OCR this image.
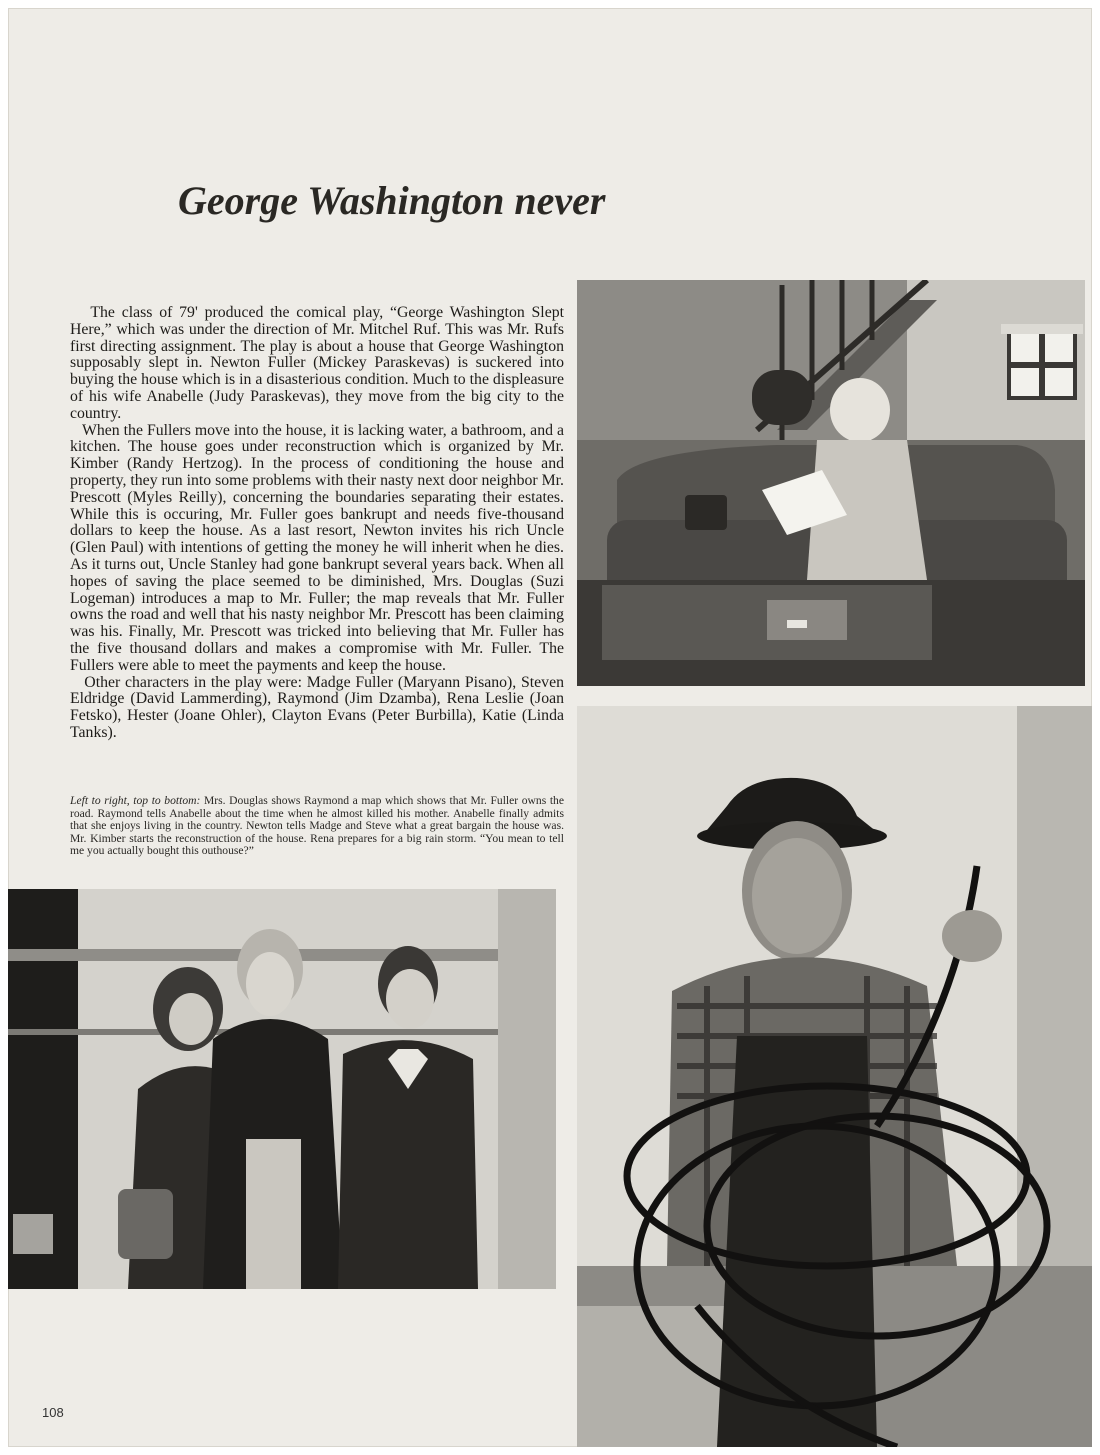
George Washington never

The class of 79' produced the comical play, “George Washington Slept Here,” which was under the direction of Mr. Mitchel Ruf. This was Mr. Rufs first directing assignment. The play is about a house that George Washington supposably slept in. Newton Fuller (Mickey Paraskevas) is suckered into buying the house which is in a disasterious condition. Much to the displeasure of his wife Anabelle (Judy Paraskevas), they move from the big city to the country.

When the Fullers move into the house, it is lacking water, a bathroom, and a kitchen. The house goes under reconstruction which is organized by Mr. Kimber (Randy Hertzog). In the process of conditioning the house and property, they run into some problems with their nasty next door neighbor Mr. Prescott (Myles Reilly), concerning the boundaries separating their estates. While this is occuring, Mr. Fuller goes bankrupt and needs five-thousand dollars to keep the house. As a last resort, Newton invites his rich Uncle (Glen Paul) with intentions of getting the money he will inherit when he dies. As it turns out, Uncle Stanley had gone bankrupt several years back. When all hopes of saving the place seemed to be diminished, Mrs. Douglas (Suzi Logeman) introduces a map to Mr. Fuller; the map reveals that Mr. Fuller owns the road and well that his nasty neighbor Mr. Prescott has been claiming was his. Finally, Mr. Prescott was tricked into believing that Mr. Fuller has the five thousand dollars and makes a compromise with Mr. Fuller. The Fullers were able to meet the payments and keep the house.

Other characters in the play were: Madge Fuller (Maryann Pisano), Steven Eldridge (David Lammerding), Raymond (Jim Dzamba), Rena Leslie (Joan Fetsko), Hester (Joane Ohler), Clayton Evans (Peter Burbilla), Katie (Linda Tanks).

Left to right, top to bottom: Mrs. Douglas shows Raymond a map which shows that Mr. Fuller owns the road. Raymond tells Anabelle about the time when he almost killed his mother. Anabelle finally admits that she enjoys living in the country. Newton tells Madge and Steve what a great bargain the house was. Mr. Kimber starts the reconstruction of the house. Rena prepares for a big rain storm. “You mean to tell me you actually bought this outhouse?”
108
